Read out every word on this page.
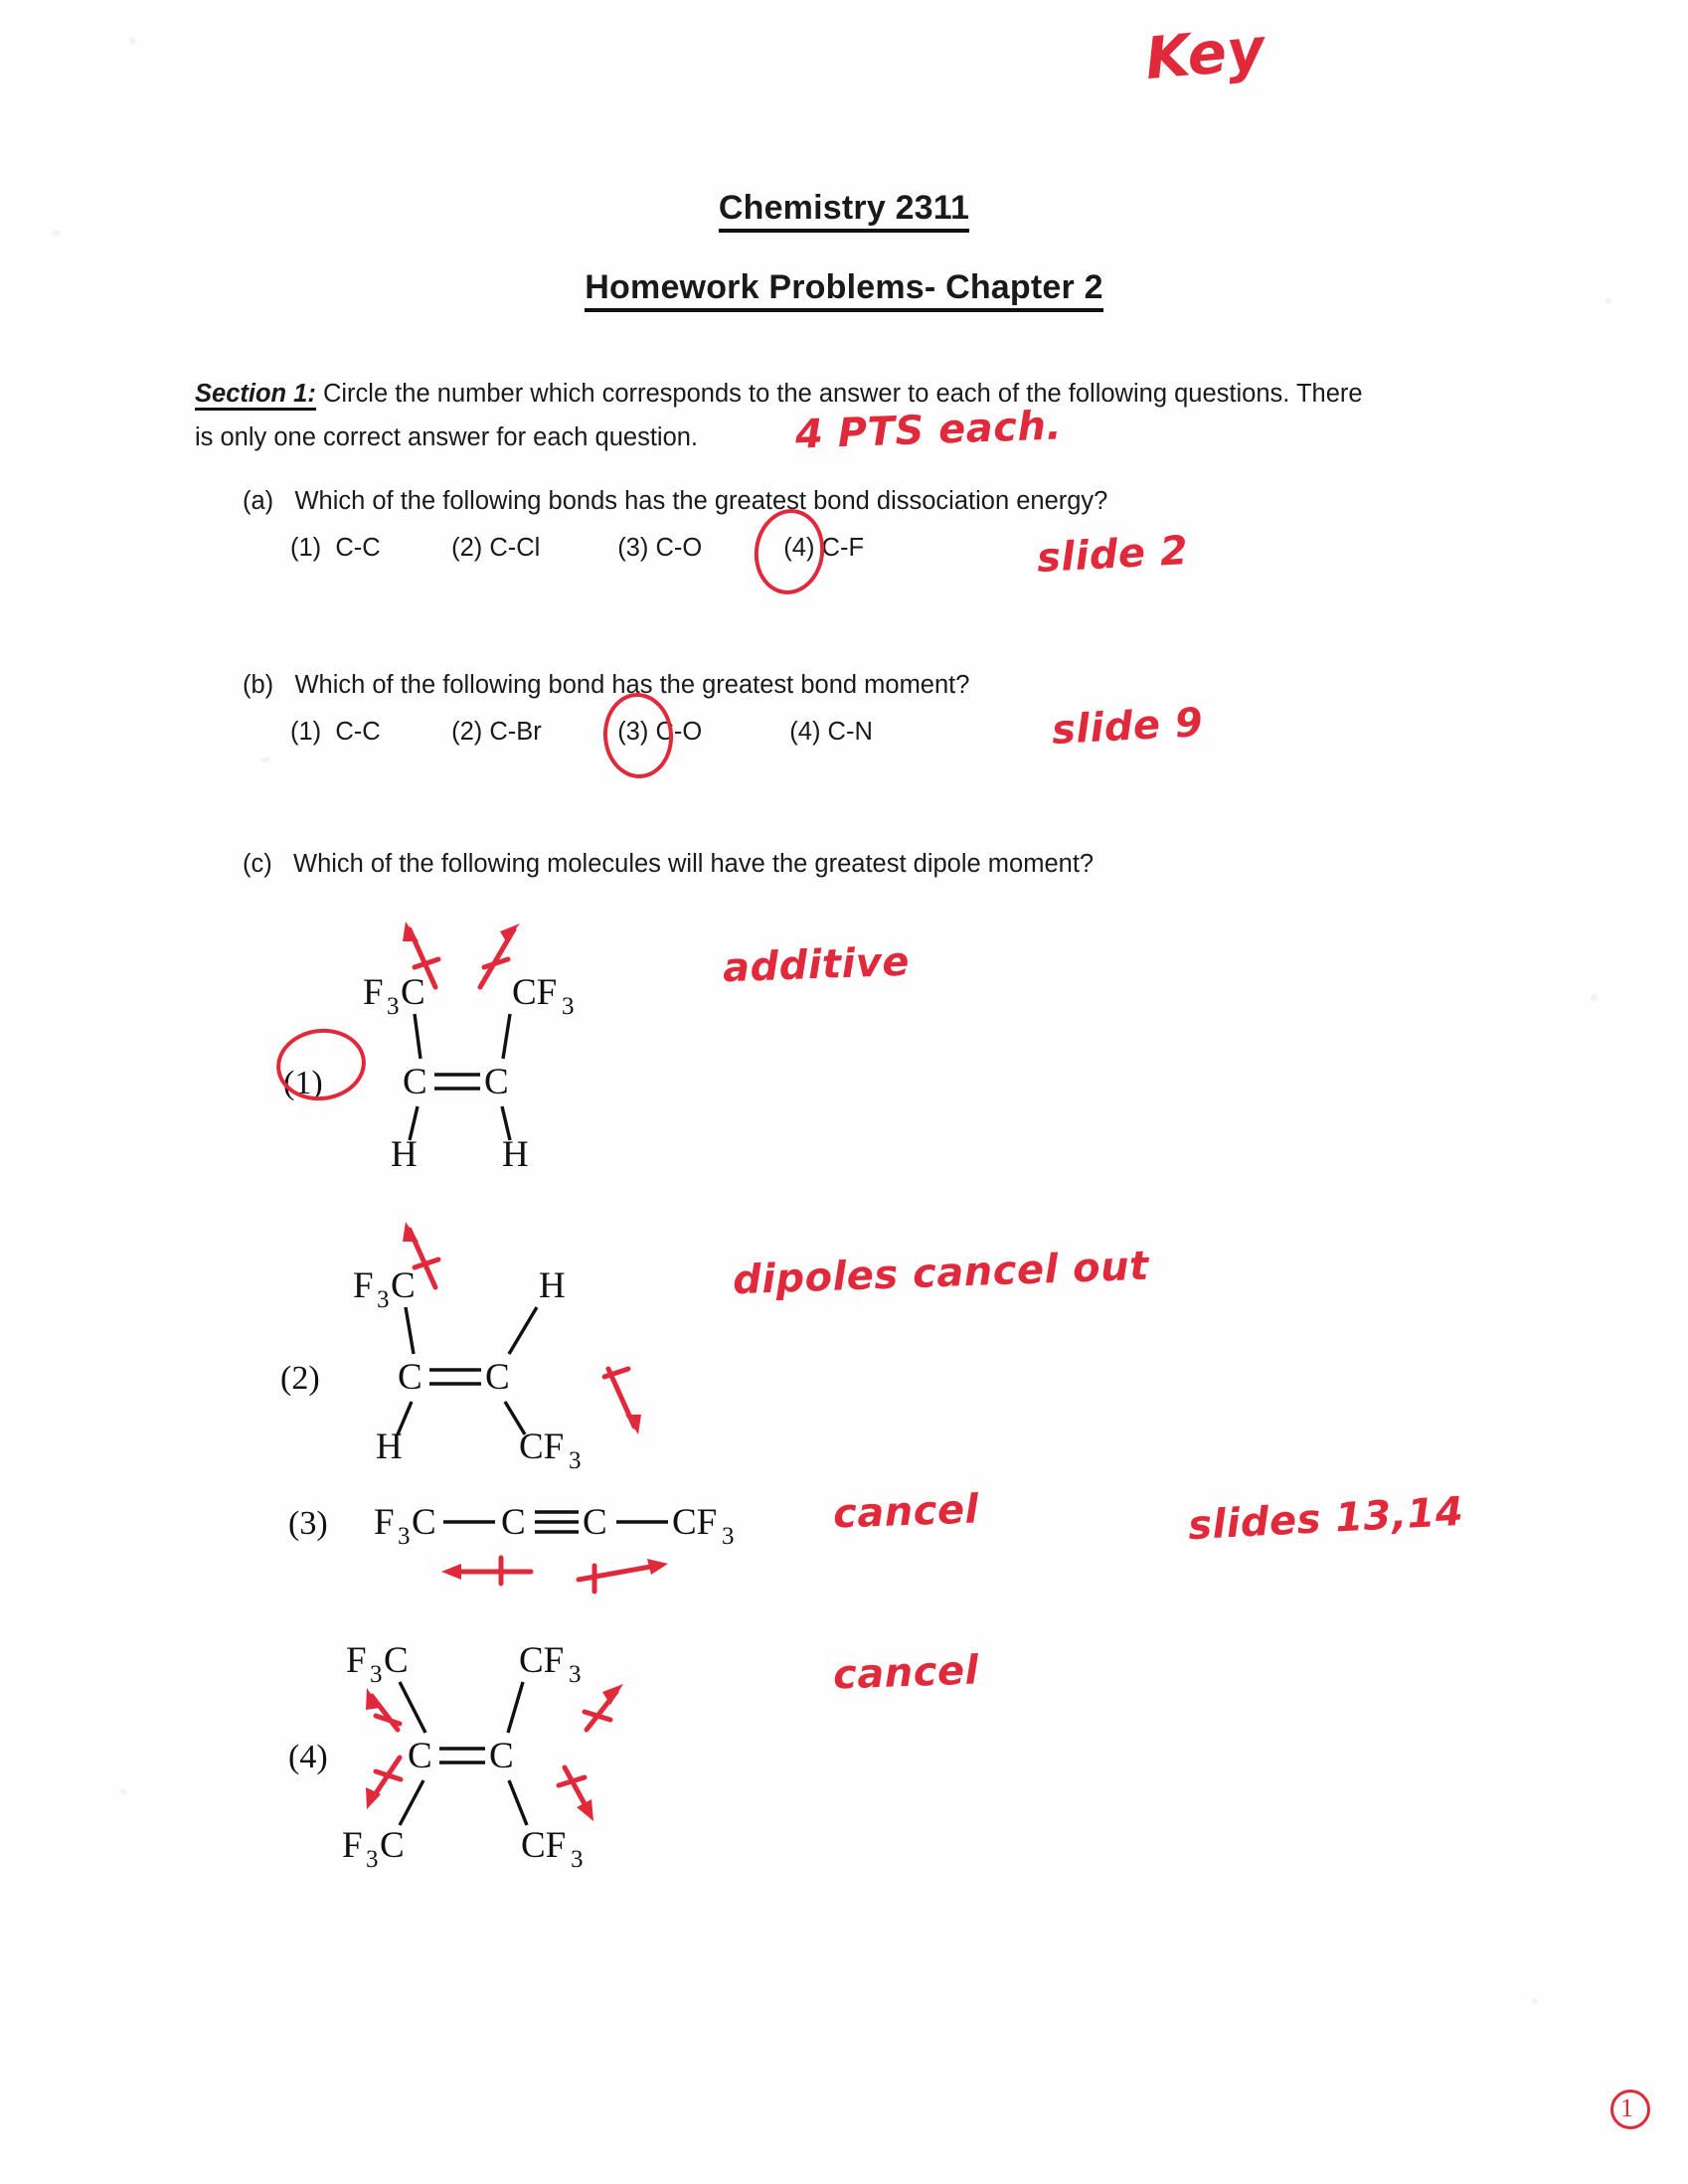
Key
Chemistry 2311
Homework Problems- Chapter 2
Section 1: Circle the number which corresponds to the answer to each of the following questions. There
is only one correct answer for each question.	4 PTS each.
(a) Which of the following bonds has the greatest bond dissociation energy?
(1) C-C	(2) C-Cl	(3) C-O	(4) C-F	slide 2
(b) Which of the following bond has the greatest bond moment?
(1) C-C	(2) C-Br	(3) C-O	(4) C-N	slide 9
(c) Which of the following molecules will have the greatest dipole moment?
(1)
F 3 C CF 3
C C
H H
additive
(2)
F 3 C	H
C C
H	CF 3
dipoles cancel out
(3) F 3 C C C CF 3 cancel	slides 13,14
(4)
F 3 C	CF 3
C C
F 3 C	CF 3
cancel
1
